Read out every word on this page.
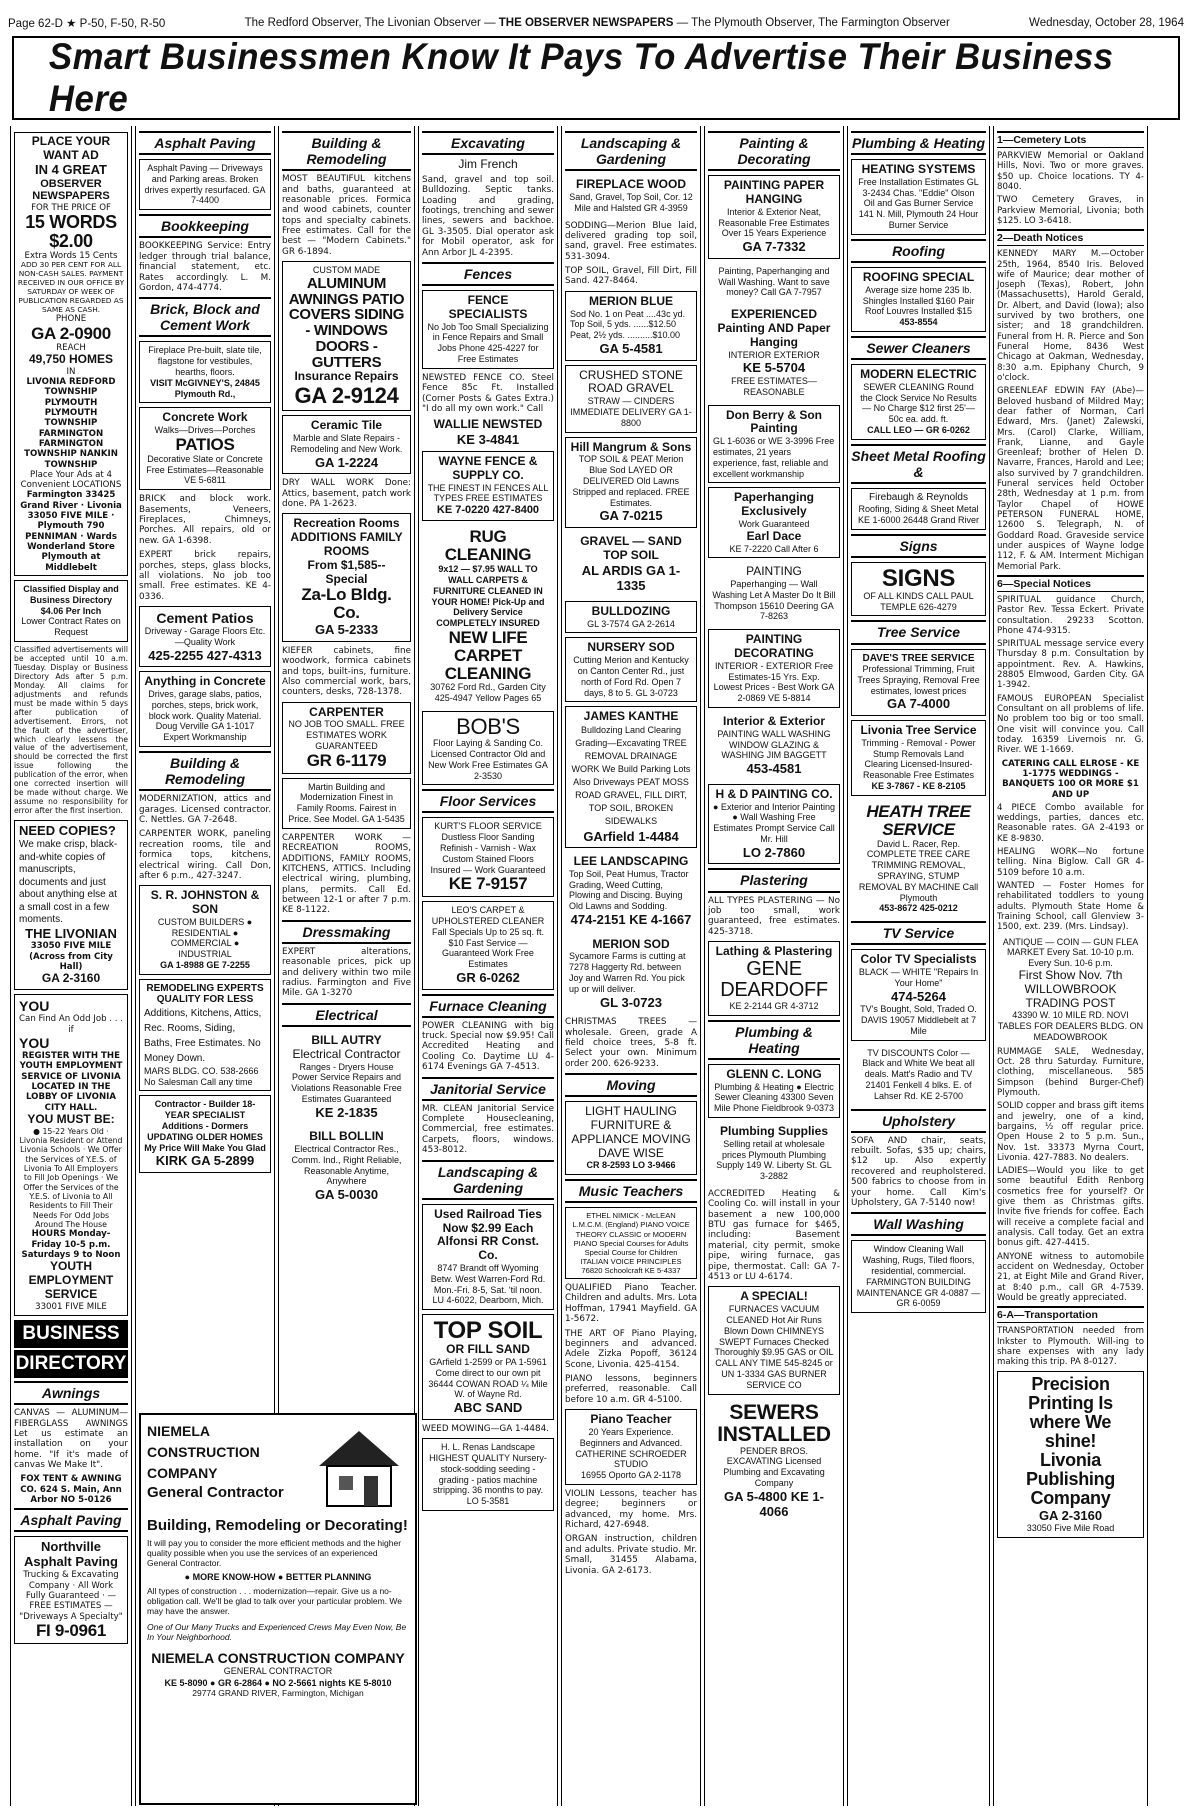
Page 62-D ★ P-50, F-50, R-50	The Redford Observer, The Livonian Observer — THE OBSERVER NEWSPAPERS — The Plymouth Observer, The Farmington Observer	Wednesday, October 28, 1964
Smart Businessmen Know It Pays To Advertise Their Business Here
PLACE YOUR WANT AD
IN 4 GREAT
OBSERVER NEWSPAPERS
FOR THE PRICE OF
15 WORDS $2.00
Extra Words 15 Cents
ADD 30 PER CENT FOR ALL NON-CASH SALES. PAYMENT RECEIVED IN OUR OFFICE BY SATURDAY OF WEEK OF PUBLICATION REGARDED AS SAME AS CASH.
PHONE
GA 2-0900
REACH
49,750 HOMES
IN
LIVONIA REDFORD TOWNSHIP PLYMOUTH PLYMOUTH TOWNSHIP FARMINGTON FARMINGTON TOWNSHIP NANKIN TOWNSHIP
Place Your Ads at 4 Convenient LOCATIONS
Farmington 33425 Grand River · Livonia 33050 FIVE MILE · Plymouth 790 PENNIMAN · Wards Wonderland Store Plymouth at Middlebelt
Classified Display and Business Directory $4.06 Per Inch
Lower Contract Rates on Request
Classified advertisements will be accepted until 10 a.m. Tuesday. Display or Business Directory Ads after 5 p.m. Monday. All claims for adjustments and refunds must be made within 5 days after publication of advertisement. Errors, not the fault of the advertiser, which clearly lessens the value of the advertisement, should be corrected the first issue following the publication of the error, when one corrected insertion will be made without charge. We assume no responsibility for error after the first insertion.
NEED COPIES?
We make crisp, black-and-white copies of manuscripts, documents and just about anything else at a small cost in a few moments.
THE LIVONIAN
33050 FIVE MILE (Across from City Hall)
GA 2-3160
YOU
Can Find An Odd Job . . . if
YOU
REGISTER WITH THE YOUTH EMPLOYMENT SERVICE OF LIVONIA LOCATED IN THE LOBBY OF LIVONIA CITY HALL.
YOU MUST BE:
● 15-22 Years Old · Livonia Resident or Attend Livonia Schools · We Offer the Services of Y.E.S. of Livonia To All Employers to Fill Job Openings · We Offer the Services of the Y.E.S. of Livonia to All Residents to Fill Their Needs For Odd Jobs Around The House
HOURS Monday-Friday 10-5 p.m. Saturdays 9 to Noon
YOUTH EMPLOYMENT SERVICE
33001 FIVE MILE
BUSINESS
DIRECTORY
Awnings
CANVAS — ALUMINUM— FIBERGLASS AWNINGS Let us estimate an installation on your home. "If it's made of canvas We Make It".
FOX TENT & AWNING CO. 624 S. Main, Ann Arbor NO 5-0126
Asphalt Paving
Northville Asphalt Paving
Trucking & Excavating Company · All Work Fully Guaranteed · — FREE ESTIMATES — "Driveways A Specialty"
FI 9-0961
Asphalt Paving
Asphalt Paving — Driveways and Parking areas. Broken drives expertly resurfaced. GA 7-4400
Bookkeeping
BOOKKEEPING Service: Entry ledger through trial balance, financial statement, etc. Rates accordingly. L. M. Gordon, 474-4774.
Brick, Block and Cement Work
Fireplace Pre-built, slate tile, flagstone for vestibules, hearths, floors.
VISIT McGIVNEY'S, 24845 Plymouth Rd.,
Concrete Work
Walks—Drives—Porches
PATIOS
Decorative Slate or Concrete Free Estimates—Reasonable VE 5-6811
BRICK and block work. Basements, Veneers, Fireplaces, Chimneys, Porches. All repairs, old or new. GA 1-6398.
EXPERT brick repairs, porches, steps, glass blocks, all violations. No job too small. Free estimates. KE 4-0336.
Cement Patios
Driveway - Garage Floors Etc.—Quality Work
425-2255 427-4313
Anything in Concrete
Drives, garage slabs, patios, porches, steps, brick work, block work. Quality Material. Doug Verville GA 1-1017 Expert Workmanship
Building & Remodeling
MODERNIZATION, attics and garages. Licensed contractor. C. Nettles. GA 7-2648.
CARPENTER WORK, paneling recreation rooms, tile and formica tops, kitchens, electrical wiring. Call Don, after 6 p.m., 427-3247.
S. R. JOHNSTON & SON
CUSTOM BUILDERS ● RESIDENTIAL ● COMMERCIAL ● INDUSTRIAL
GA 1-8988 GE 7-2255
REMODELING EXPERTS QUALITY FOR LESS
Additions, Kitchens, Attics, Rec. Rooms, Siding, Baths, Free Estimates. No Money Down.
MARS BLDG. CO. 538-2666 No Salesman Call any time
Contractor - Builder 18-YEAR SPECIALIST Additions - Dormers UPDATING OLDER HOMES My Price Will Make You Glad
KIRK GA 5-2899
Building & Remodeling
MOST BEAUTIFUL kitchens and baths, guaranteed at reasonable prices. Formica and wood cabinets, counter tops and specialty cabinets. Free estimates. Call for the best — "Modern Cabinets." GR 6-1894.
CUSTOM MADE
ALUMINUM AWNINGS PATIO COVERS SIDING - WINDOWS DOORS - GUTTERS
Insurance Repairs
GA 2-9124
Ceramic Tile
Marble and Slate Repairs - Remodeling and New Work.
GA 1-2224
DRY WALL WORK Done: Attics, basement, patch work done. PA 1-2623.
Recreation Rooms ADDITIONS FAMILY ROOMS
From $1,585--Special
Za-Lo Bldg. Co.
GA 5-2333
KIEFER cabinets, fine woodwork, formica cabinets and tops, built-ins, furniture. Also commercial work, bars, counters, desks, 728-1378.
CARPENTER
NO JOB TOO SMALL. FREE ESTIMATES WORK GUARANTEED
GR 6-1179
Martin Building and Modernization Finest in Family Rooms. Fairest in Price. See Model. GA 1-5435
CARPENTER WORK — RECREATION ROOMS, ADDITIONS, FAMILY ROOMS, KITCHENS, ATTICS. Including electrical wiring, plumbing, plans, permits. Call Ed. between 12-1 or after 7 p.m. KE 8-1122.
Dressmaking
EXPERT alterations, reasonable prices, pick up and delivery within two mile radius. Farmington and Five Mile. GA 1-3270
Electrical
BILL AUTRY
Electrical Contractor
Ranges - Dryers House Power Service Repairs and Violations Reasonable Free Estimates Guaranteed
KE 2-1835
BILL BOLLIN
Electrical Contractor Res., Comm. Ind., Right Reliable, Reasonable Anytime, Anywhere
GA 5-0030
Excavating
Jim French
Sand, gravel and top soil. Bulldozing. Septic tanks. Loading and grading, footings, trenching and sewer lines, sewers and backhoe. GL 3-3505. Dial operator ask for Mobil operator, ask for Ann Arbor JL 4-2395.
Fences
FENCE SPECIALISTS
No Job Too Small Specializing in Fence Repairs and Small Jobs Phone 425-4227 for Free Estimates
NEWSTED FENCE CO. Steel Fence 85c Ft. Installed (Corner Posts & Gates Extra.) "I do all my own work." Call
WALLIE NEWSTED
KE 3-4841
WAYNE FENCE & SUPPLY CO.
THE FINEST IN FENCES ALL TYPES FREE ESTIMATES
KE 7-0220 427-8400
RUG CLEANING
9x12 — $7.95 WALL TO WALL CARPETS & FURNITURE CLEANED IN YOUR HOME! Pick-Up and Delivery Service COMPLETELY INSURED
NEW LIFE CARPET CLEANING
30762 Ford Rd., Garden City 425-4947 Yellow Pages 65
BOB'S
Floor Laying & Sanding Co. Licensed Contractor Old and New Work Free Estimates GA 2-3530
Floor Services
KURT'S FLOOR SERVICE Dustless Floor Sanding Refinish - Varnish - Wax Custom Stained Floors Insured — Work Guaranteed
KE 7-9157
LEO'S CARPET & UPHOLSTERED CLEANER Fall Specials Up to 25 sq. ft. $10 Fast Service — Guaranteed Work Free Estimates
GR 6-0262
Furnace Cleaning
POWER CLEANING with big truck. Special now $9.95! Call Accredited Heating and Cooling Co. Daytime LU 4-6174 Evenings GA 7-4513.
Janitorial Service
MR. CLEAN Janitorial Service Complete Housecleaning, Commercial, free estimates. Carpets, floors, windows. 453-8012.
Landscaping & Gardening
Used Railroad Ties Now $2.99 Each Alfonsi RR Const. Co.
8747 Brandt off Wyoming Betw. West Warren-Ford Rd. Mon.-Fri. 8-5, Sat. 'til noon. LU 4-6022, Dearborn, Mich.
TOP SOIL
OR FILL SAND
GArfield 1-2599 or PA 1-5961 Come direct to our own pit 36444 COWAN ROAD ¼ Mile W. of Wayne Rd.
ABC SAND
WEED MOWING—GA 1-4484.
H. L. Renas Landscape HIGHEST QUALITY Nursery-stock-sodding seeding - grading - patios machine stripping. 36 months to pay. LO 5-3581
Landscaping & Gardening
FIREPLACE WOOD
Sand, Gravel, Top Soil, Cor. 12 Mile and Halsted GR 4-3959
SODDING—Merion Blue laid, delivered grading top soil, sand, gravel. Free estimates. 531-3094.
TOP SOIL, Gravel, Fill Dirt, Fill Sand. 427-8464.
MERION BLUE
Sod No. 1 on Peat ....43c yd. Top Soil, 5 yds. ......$12.50 Peat, 2½ yds. ..........$10.00
GA 5-4581
CRUSHED STONE ROAD GRAVEL
STRAW — CINDERS IMMEDIATE DELIVERY GA 1-8800
Hill Mangrum & Sons
TOP SOIL & PEAT Merion Blue Sod LAYED OR DELIVERED Old Lawns Stripped and replaced. FREE Estimates.
GA 7-0215
GRAVEL — SAND TOP SOIL
AL ARDIS GA 1-1335
BULLDOZING
GL 3-7574 GA 2-2614
NURSERY SOD
Cutting Merion and Kentucky on Canton Center Rd., just north of Ford Rd. Open 7 days, 8 to 5. GL 3-0723
JAMES KANTHE
Bulldozing Land Clearing Grading—Excavating TREE REMOVAL DRAINAGE WORK We Build Parking Lots Also Driveways PEAT MOSS ROAD GRAVEL, FILL DIRT, TOP SOIL, BROKEN SIDEWALKS
GArfield 1-4484
LEE LANDSCAPING
Top Soil, Peat Humus, Tractor Grading, Weed Cutting, Plowing and Discing. Buying Old Lawns and Sodding.
474-2151 KE 4-1667
MERION SOD
Sycamore Farms is cutting at 7278 Haggerty Rd. between Joy and Warren Rd. You pick up or will deliver.
GL 3-0723
CHRISTMAS TREES — wholesale. Green, grade A field choice trees, 5-8 ft. Select your own. Minimum order 200. 626-9233.
Moving
LIGHT HAULING FURNITURE & APPLIANCE MOVING DAVE WISE
CR 8-2593 LO 3-9466
Music Teachers
ETHEL NIMICK - McLEAN L.M.C.M. (England) PIANO VOICE THEORY CLASSIC or MODERN PIANO Special Courses for Adults Special Course for Children ITALIAN VOICE PRINCIPLES 76820 Schoolcraft KE 5-4337
QUALIFIED Piano Teacher. Children and adults. Mrs. Lota Hoffman, 17941 Mayfield. GA 1-5672.
THE ART OF Piano Playing, beginners and advanced. Adele Zizka Popoff, 36124 Scone, Livonia. 425-4154.
PIANO lessons, beginners preferred, reasonable. Call before 10 a.m. GR 4-5100.
Piano Teacher
20 Years Experience. Beginners and Advanced. CATHERINE SCHROEDER STUDIO
16955 Oporto GA 2-1178
VIOLIN Lessons, teacher has degree; beginners or advanced, my home. Mrs. Richard, 427-6948.
ORGAN instruction, children and adults. Private studio. Mr. Small, 31455 Alabama, Livonia. GA 2-6173.
Painting & Decorating
PAINTING PAPER HANGING
Interior & Exterior Neat, Reasonable Free Estimates Over 15 Years Experience
GA 7-7332
Painting, Paperhanging and Wall Washing. Want to save money? Call GA 7-7957
EXPERIENCED Painting AND Paper Hanging
INTERIOR EXTERIOR
KE 5-5704
FREE ESTIMATES—REASONABLE
Don Berry & Son Painting
GL 1-6036 or WE 3-3996 Free estimates, 21 years experience, fast, reliable and excellent workmanship
Paperhanging Exclusively
Work Guaranteed
Earl Dace
KE 7-2220 Call After 6
PAINTING
Paperhanging — Wall Washing Let A Master Do It Bill Thompson 15610 Deering GA 7-8263
PAINTING DECORATING
INTERIOR - EXTERIOR Free Estimates-15 Yrs. Exp. Lowest Prices - Best Work GA 2-0869 VE 5-8814
Interior & Exterior
PAINTING WALL WASHING WINDOW GLAZING & WASHING JIM BAGGETT
453-4581
H & D PAINTING CO.
● Exterior and Interior Painting ● Wall Washing Free Estimates Prompt Service Call Mr. Hill
LO 2-7860
Plastering
ALL TYPES PLASTERING — No job too small, work guaranteed, free estimates. 425-3718.
Lathing & Plastering
GENE DEARDOFF
KE 2-2144 GR 4-3712
Plumbing & Heating
GLENN C. LONG
Plumbing & Heating ● Electric Sewer Cleaning 43300 Seven Mile Phone Fieldbrook 9-0373
Plumbing Supplies
Selling retail at wholesale prices Plymouth Plumbing Supply 149 W. Liberty St. GL 3-2882
ACCREDITED Heating & Cooling Co. will install in your basement a new 100,000 BTU gas furnace for $465, including: Basement material, city permit, smoke pipe, wiring furnace, gas pipe, thermostat. Call: GA 7-4513 or LU 4-6174.
A SPECIAL!
FURNACES VACUUM CLEANED Hot Air Runs Blown Down CHIMNEYS SWEPT Furnaces Checked Thoroughly $9.95 GAS or OIL CALL ANY TIME 545-8245 or UN 1-3334 GAS BURNER SERVICE CO
SEWERS INSTALLED
PENDER BROS. EXCAVATING Licensed Plumbing and Excavating Company
GA 5-4800 KE 1-4066
Plumbing & Heating
HEATING SYSTEMS
Free Installation Estimates GL 3-2434 Chas. "Eddie" Olson Oil and Gas Burner Service 141 N. Mill, Plymouth 24 Hour Burner Service
Roofing
ROOFING SPECIAL
Average size home 235 lb. Shingles Installed $160 Pair Roof Louvres Installed $15
453-8554
Sewer Cleaners
MODERN ELECTRIC
SEWER CLEANING Round the Clock Service No Results — No Charge $12 first 25'—50c ea. add. ft.
CALL LEO — GR 6-0262
Sheet Metal Roofing &
Firebaugh & Reynolds
Roofing, Siding & Sheet Metal KE 1-6000 26448 Grand River
Signs
SIGNS
OF ALL KINDS CALL PAUL TEMPLE 626-4279
Tree Service
DAVE'S TREE SERVICE
Professional Trimming, Fruit Trees Spraying, Removal Free estimates, lowest prices
GA 7-4000
Livonia Tree Service
Trimming - Removal - Power Stump Removals Land Clearing Licensed-Insured-Reasonable Free Estimates
KE 3-7867 - KE 8-2105
HEATH TREE SERVICE
David L. Racer, Rep. COMPLETE TREE CARE TRIMMING REMOVAL, SPRAYING, STUMP REMOVAL BY MACHINE Call Plymouth
453-8672 425-0212
TV Service
Color TV Specialists
BLACK — WHITE "Repairs In Your Home"
474-5264
TV's Bought, Sold, Traded O. DAVIS 19057 Middlebelt at 7 Mile
TV DISCOUNTS Color — Black and White We beat all deals. Matt's Radio and TV 21401 Fenkell 4 blks. E. of Lahser Rd. KE 2-5700
Upholstery
SOFA AND chair, seats, rebuilt. Sofas, $35 up; chairs, $12 up. Also expertly recovered and reupholstered. 500 fabrics to choose from in your home. Call Kim's Upholstery, GA 7-5140 now!
Wall Washing
Window Cleaning Wall Washing, Rugs, Tiled floors, residential, commercial. FARMINGTON BUILDING MAINTENANCE GR 4-0887 — GR 6-0059
1—Cemetery Lots
PARKVIEW Memorial or Oakland Hills, Novi. Two or more graves. $50 up. Choice locations. TY 4-8040.
TWO Cemetery Graves, in Parkview Memorial, Livonia; both $125. LO 3-6418.
2—Death Notices
KENNEDY MARY M.—October 25th, 1964, 8540 Iris. Beloved wife of Maurice; dear mother of Joseph (Texas), Robert, John (Massachusetts), Harold Gerald, Dr. Albert, and David (Iowa); also survived by two brothers, one sister; and 18 grandchildren. Funeral from H. R. Pierce and Son Funeral Home, 8436 West Chicago at Oakman, Wednesday, 8:30 a.m. Epiphany Church, 9 o'clock.
GREENLEAF EDWIN FAY (Abe)—Beloved husband of Mildred May; dear father of Norman, Carl Edward, Mrs. (Janet) Zalewski, Mrs. (Carol) Clarke, William, Frank, Lianne, and Gayle Greenleaf; brother of Helen D. Navarre, Frances, Harold and Lee; also survived by 7 grandchildren. Funeral services held October 28th, Wednesday at 1 p.m. from Taylor Chapel of HOWE PETERSON FUNERAL HOME, 12600 S. Telegraph, N. of Goddard Road. Graveside service under auspices of Wayne lodge 112, F. & AM. Interment Michigan Memorial Park.
6—Special Notices
SPIRITUAL guidance Church, Pastor Rev. Tessa Eckert. Private consultation. 29233 Scotton. Phone 474-9315.
SPIRITUAL message service every Thursday 8 p.m. Consultation by appointment. Rev. A. Hawkins, 28805 Elmwood, Garden City. GA 1-3942.
FAMOUS EUROPEAN Specialist Consultant on all problems of life. No problem too big or too small. One visit will convince you. Call today. 16359 Livernois nr. G. River. WE 1-1669.
CATERING CALL ELROSE - KE 1-1775 WEDDINGS - BANQUETS 100 OR MORE $1 AND UP
4 PIECE Combo available for weddings, parties, dances etc. Reasonable rates. GA 2-4193 or KE 8-9830.
HEALING WORK—No fortune telling. Nina Biglow. Call GR 4-5109 before 10 a.m.
WANTED — Foster Homes for rehabilitated toddlers to young adults. Plymouth State Home & Training School, call Glenview 3-1500, ext. 239. (Mrs. Lindsay).
ANTIQUE — COIN — GUN FLEA MARKET Every Sat. 10-10 p.m. Every Sun. 10-6 p.m.
First Show Nov. 7th
WILLOWBROOK TRADING POST
43390 W. 10 MILE RD. NOVI TABLES FOR DEALERS BLDG. ON MEADOWBROOK
RUMMAGE SALE, Wednesday, Oct. 28 thru Saturday. Furniture, clothing, miscellaneous. 585 Simpson (behind Burger-Chef) Plymouth.
SOLID copper and brass gift items and jewelry, one of a kind, bargains, ½ off regular price. Open House 2 to 5 p.m. Sun., Nov. 1st. 33373 Myrna Court, Livonia. 427-7883. No dealers.
LADIES—Would you like to get some beautiful Edith Renborg cosmetics free for yourself? Or give them as Christmas gifts. Invite five friends for coffee. Each will receive a complete facial and analysis. Call today. Get an extra bonus gift. 427-4415.
ANYONE witness to automobile accident on Wednesday, October 21, at Eight Mile and Grand River, at 8:40 p.m., call GR 4-7539. Would be greatly appreciated.
6-A—Transportation
TRANSPORTATION needed from Inkster to Plymouth. Will-ing to share expenses with any lady making this trip. PA 8-0127.
Precision Printing Is where We shine!
Livonia Publishing Company
GA 2-3160
33050 Five Mile Road
NIEMELA CONSTRUCTION COMPANY
General Contractor
Building, Remodeling or Decorating!
It will pay you to consider the more efficient methods and the higher quality possible when you use the services of an experienced General Contractor.
● MORE KNOW-HOW ● BETTER PLANNING
All types of construction . . . modernization—repair. Give us a no-obligation call. We'll be glad to talk over your particular problem. We may have the answer.
One of Our Many Trucks and Experienced Crews May Even Now, Be In Your Neighborhood.
NIEMELA CONSTRUCTION COMPANY
GENERAL CONTRACTOR
KE 5-8090 ● GR 6-2864 ● NO 2-5661 nights KE 5-8010
29774 GRAND RIVER, Farmington, Michigan
